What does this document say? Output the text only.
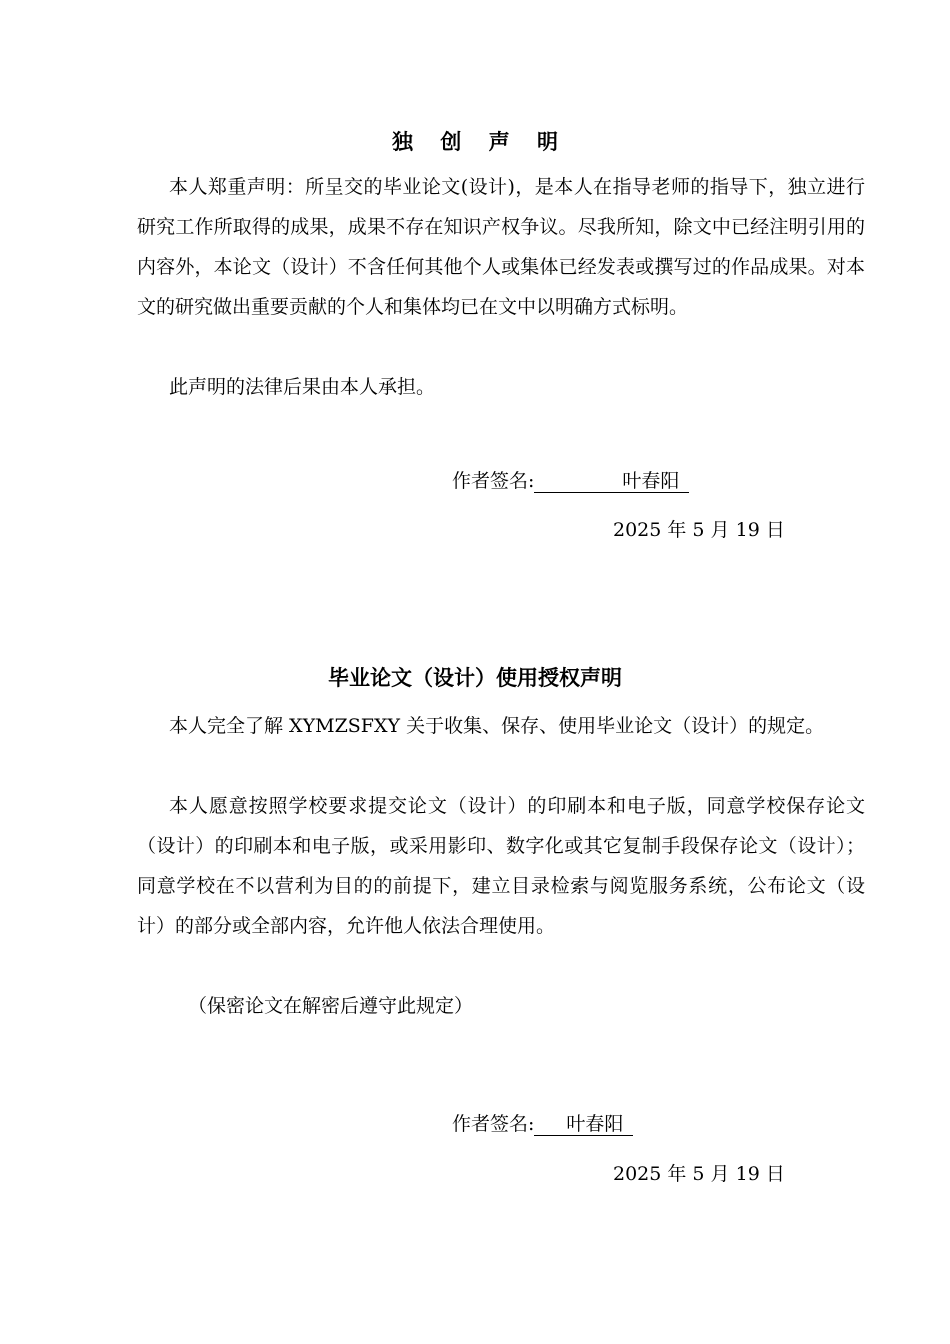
独 创 声 明

本人郑重声明：所呈交的毕业论文(设计)，是本人在指导老师的指导下，独立进行研究工作所取得的成果，成果不存在知识产权争议。尽我所知，除文中已经注明引用的内容外，本论文（设计）不含任何其他个人或集体已经发表或撰写过的作品成果。对本文的研究做出重要贡献的个人和集体均已在文中以明确方式标明。

此声明的法律后果由本人承担。

作者签名:	叶春阳
2025 年 5 月 19 日
毕业论文（设计）使用授权声明

本人完全了解 XYMZSFXY 关于收集、保存、使用毕业论文（设计）的规定。

本人愿意按照学校要求提交论文（设计）的印刷本和电子版，同意学校保存论文（设计）的印刷本和电子版，或采用影印、数字化或其它复制手段保存论文（设计）；同意学校在不以营利为目的的前提下，建立目录检索与阅览服务系统，公布论文（设计）的部分或全部内容，允许他人依法合理使用。

（保密论文在解密后遵守此规定）

作者签名: 叶春阳
2025 年 5 月 19 日
